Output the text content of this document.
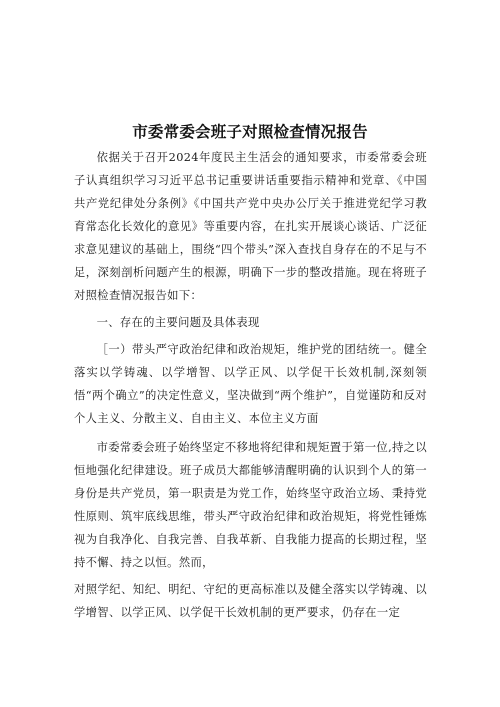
市委常委会班子对照检查情况报告

依据关于召开2024年度民主生活会的通知要求，市委常委会班子认真组织学习习近平总书记重要讲话重要指示精神和党章、《中国共产党纪律处分条例》《中国共产党中央办公厅关于推进党纪学习教育常态化长效化的意见》等重要内容，在扎实开展谈心谈话、广泛征求意见建议的基础上，围绕“四个带头”深入查找自身存在的不足与不足，深刻剖析问题产生的根源，明确下一步的整改措施。现在将班子对照检查情况报告如下：

一、存在的主要问题及具体表现

［一）带头严守政治纪律和政治规矩，维护党的团结统一。健全落实以学铸魂、以学增智、以学正风、以学促干长效机制,深刻领悟“两个确立”的决定性意义，坚决做到“两个维护”，自觉谨防和反对个人主义、分散主义、自由主义、本位主义方面

市委常委会班子始终坚定不移地将纪律和规矩置于第一位,持之以恒地强化纪律建设。班子成员大都能够清醒明确的认识到个人的第一身份是共产党员，第一职责是为党工作，始终坚守政治立场、秉持党性原则、筑牢底线思维，带头严守政治纪律和政治规矩，将党性锤炼视为自我净化、自我完善、自我革新、自我能力提高的长期过程，坚持不懈、持之以恒。然而，

对照学纪、知纪、明纪、守纪的更高标准以及健全落实以学铸魂、以学增智、以学正风、以学促干长效机制的更严要求，仍存在一定
